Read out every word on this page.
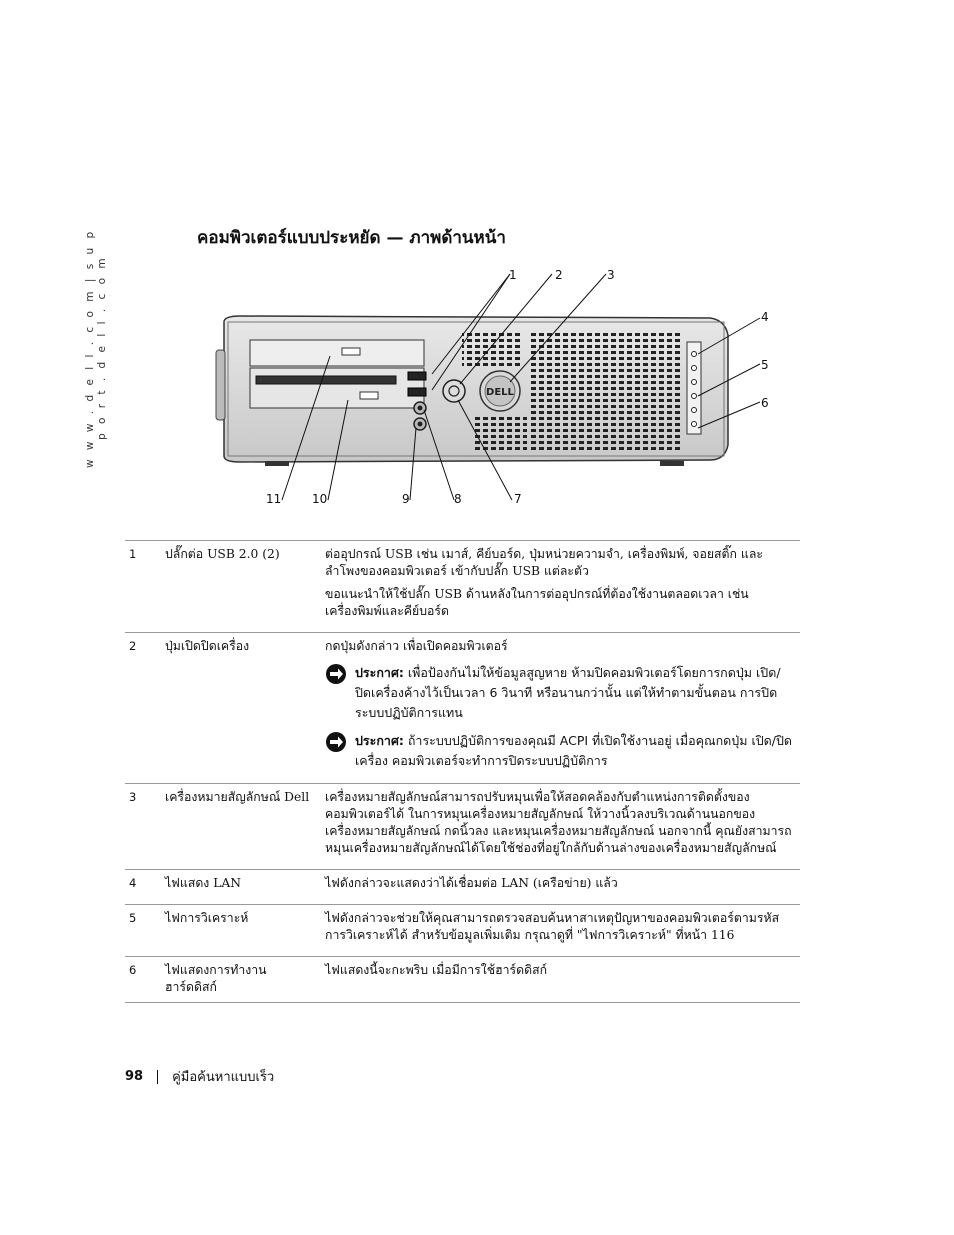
w w w . d e l l . c o m | s u p p o r t . d e l l . c o m
คอมพิวเตอร์แบบประหยัด — ภาพด้านหน้า
DELL
1	2	3
4
5
6
7
8
9
10
11
1	ปลั๊กต่อ USB 2.0 (2)	ต่ออุปกรณ์ USB เช่น เมาส์, คีย์บอร์ด, ปุ่มหน่วยความจำ, เครื่องพิมพ์, จอยสติ๊ก และ ลำโพงของคอมพิวเตอร์ เข้ากับปลั๊ก USB แต่ละตัว

ขอแนะนำให้ใช้ปลั๊ก USB ด้านหลังในการต่ออุปกรณ์ที่ต้องใช้งานตลอดเวลา เช่น เครื่องพิมพ์และคีย์บอร์ด

2	ปุ่มเปิดปิดเครื่อง	กดปุ่มดังกล่าว เพื่อเปิดคอมพิวเตอร์

ประกาศ: เพื่อป้องกันไม่ให้ข้อมูลสูญหาย ห้ามปิดคอมพิวเตอร์โดยการกดปุ่ม เปิด/ปิดเครื่องค้างไว้เป็นเวลา 6 วินาที หรือนานกว่านั้น แต่ให้ทำตามขั้นตอน การปิดระบบปฏิบัติการแทน
ประกาศ: ถ้าระบบปฏิบัติการของคุณมี ACPI ที่เปิดใช้งานอยู่ เมื่อคุณกดปุ่ม เปิด/ปิดเครื่อง คอมพิวเตอร์จะทำการปิดระบบปฏิบัติการ

3	เครื่องหมายสัญลักษณ์ Dell	เครื่องหมายสัญลักษณ์สามารถปรับหมุนเพื่อให้สอดคล้องกับตำแหน่งการติดตั้งของ คอมพิวเตอร์ได้ ในการหมุนเครื่องหมายสัญลักษณ์ ให้วางนิ้วลงบริเวณด้านนอกของ เครื่องหมายสัญลักษณ์ กดนิ้วลง และหมุนเครื่องหมายสัญลักษณ์ นอกจากนี้ คุณยังสามารถ หมุนเครื่องหมายสัญลักษณ์ได้โดยใช้ช่องที่อยู่ใกล้กับด้านล่างของเครื่องหมายสัญลักษณ์

4	ไฟแสดง LAN	ไฟดังกล่าวจะแสดงว่าได้เชื่อมต่อ LAN (เครือข่าย) แล้ว

5	ไฟการวิเคราะห์	ไฟดังกล่าวจะช่วยให้คุณสามารถตรวจสอบค้นหาสาเหตุปัญหาของคอมพิวเตอร์ตามรหัส การวิเคราะห์ได้ สำหรับข้อมูลเพิ่มเติม กรุณาดูที่ "ไฟการวิเคราะห์" ที่หน้า 116

6	ไฟแสดงการทำงานฮาร์ดดิสก์	ไฟแสดงนี้จะกะพริบ เมื่อมีการใช้ฮาร์ดดิสก์

98 คู่มือค้นหาแบบเร็ว
